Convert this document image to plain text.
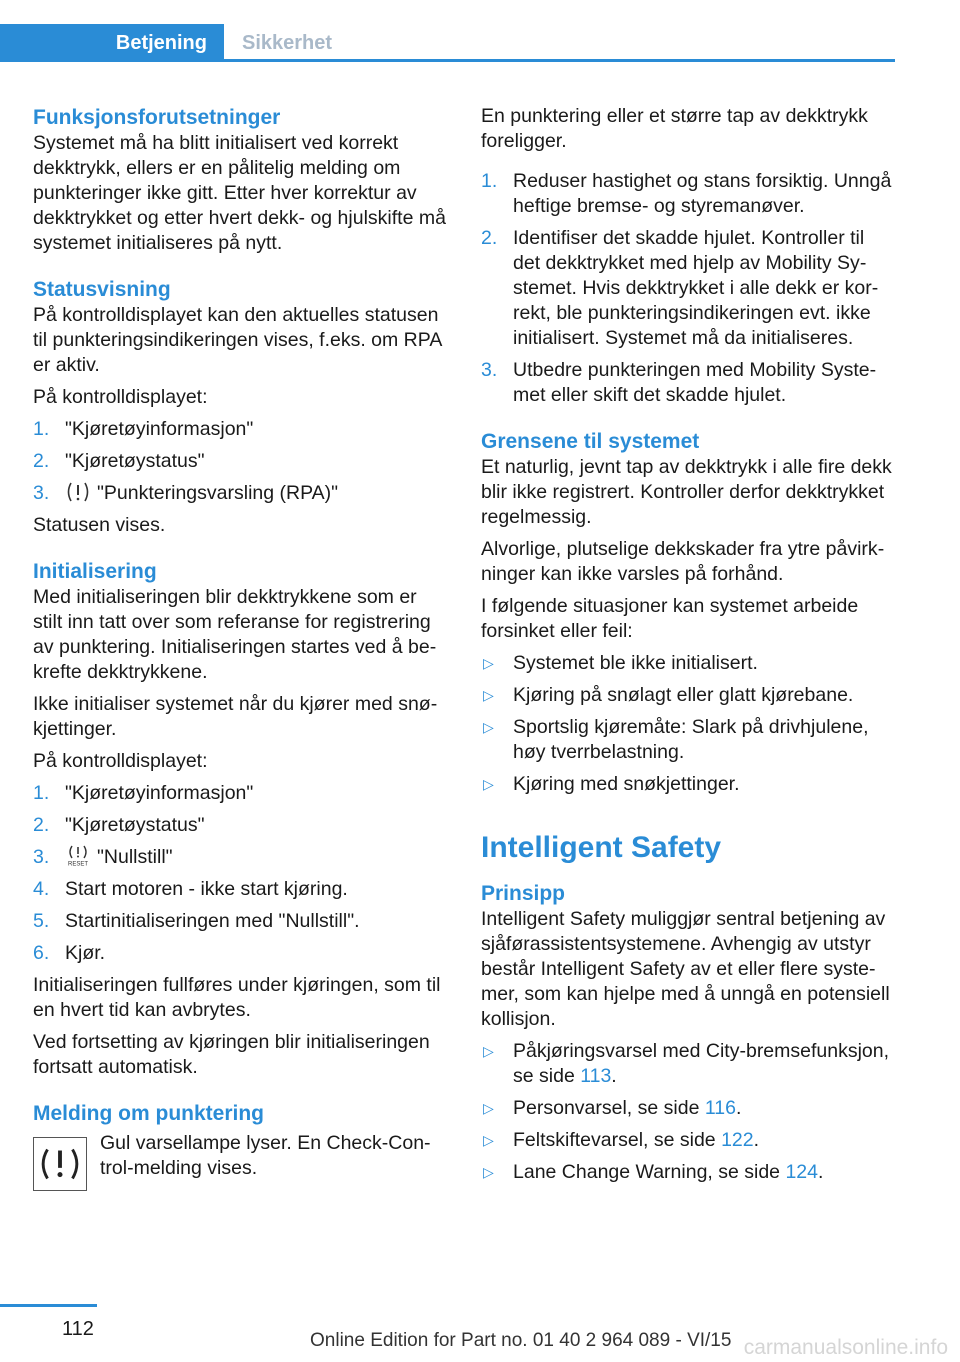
Betjening	Sikkerhet
Funksjonsforutsetninger

Systemet må ha blitt initialisert ved korrekt dekktrykk, ellers er en pålitelig melding om punkteringer ikke gitt. Etter hver korrektur av dekktrykket og etter hvert dekk- og hjulskifte må systemet initialiseres på nytt.

Statusvisning

På kontrolldisplayet kan den aktuelles statusen til punkteringsindikeringen vises, f.eks. om RPA er aktiv.

På kontrolldisplayet:

1. "Kjøretøyinformasjon"
2. "Kjøretøystatus"
3. "Punkteringsvarsling (RPA)"

Statusen vises.

Initialisering

Med initialiseringen blir dekktrykkene som er stilt inn tatt over som referanse for registrering av punktering. Initialiseringen startes ved å bekrefte dekktrykkene.

Ikke initialiser systemet når du kjører med snøkjettinger.

På kontrolldisplayet:

1. "Kjøretøyinformasjon"
2. "Kjøretøystatus"
3.	RESET "Nullstill"
4. Start motoren - ikke start kjøring.
5. Startinitialiseringen med "Nullstill".
6. Kjør.

Initialiseringen fullføres under kjøringen, som til en hvert tid kan avbrytes.

Ved fortsetting av kjøringen blir initialiseringen fortsatt automatisk.

Melding om punktering

Gul varsellampe lyser. En Check-Control-melding vises.

En punktering eller et større tap av dekktrykk foreligger.

1. Reduser hastighet og stans forsiktig. Unngå heftige bremse- og styremanøver.
2. Identifiser det skadde hjulet. Kontroller til det dekktrykket med hjelp av Mobility Systemet. Hvis dekktrykket i alle dekk er korrekt, ble punkteringsindikeringen evt. ikke initialisert. Systemet må da initialiseres.
3. Utbedre punkteringen med Mobility Systemet eller skift det skadde hjulet.
Grensene til systemet

Et naturlig, jevnt tap av dekktrykk i alle fire dekk blir ikke registrert. Kontroller derfor dekktrykket regelmessig.

Alvorlige, plutselige dekkskader fra ytre påvirkninger kan ikke varsles på forhånd.

I følgende situasjoner kan systemet arbeide forsinket eller feil:

▷ Systemet ble ikke initialisert.
▷ Kjøring på snølagt eller glatt kjørebane.
▷ Sportslig kjøremåte: Slark på drivhjulene, høy tverrbelastning.
▷ Kjøring med snøkjettinger.
Intelligent Safety
Prinsipp

Intelligent Safety muliggjør sentral betjening av sjåførassistentsystemene. Avhengig av utstyr består Intelligent Safety av et eller flere systemer, som kan hjelpe med å unngå en potensiell kollisjon.

▷ Påkjøringsvarsel med City-bremsefunksjon, se side 113.
▷ Personvarsel, se side 116.
▷ Feltskiftevarsel, se side 122.
▷ Lane Change Warning, se side 124.
112
Online Edition for Part no. 01 40 2 964 089 - VI/15 carmanualsonline.info
